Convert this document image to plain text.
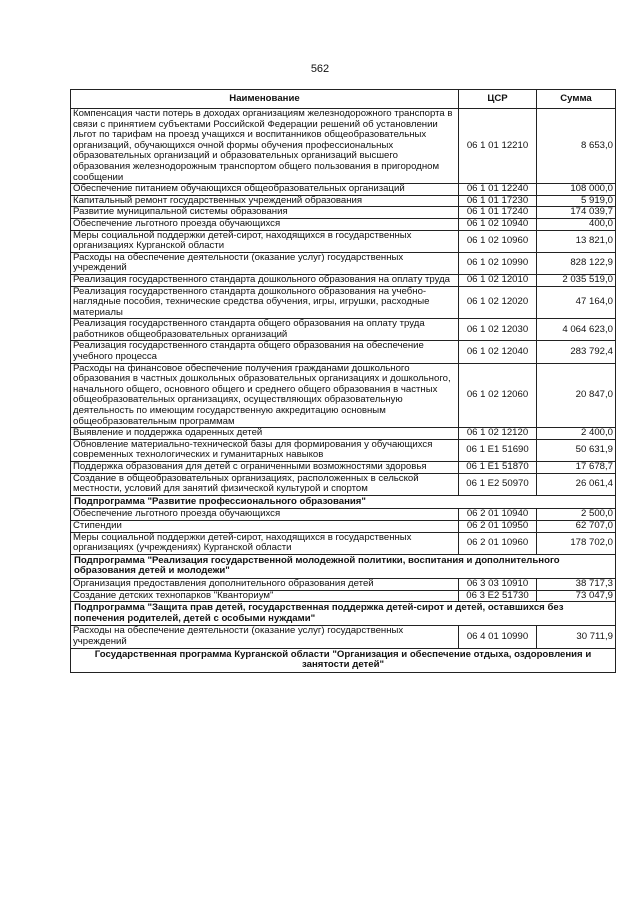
562
Наименование	ЦСР	Сумма
Компенсация части потерь в доходах организациям железнодорожного транспорта в связи с принятием субъектами Российской Федерации решений об установлении льгот по тарифам на проезд учащихся и воспитанников общеобразовательных организаций, обучающихся очной формы обучения профессиональных образовательных организаций и образовательных организаций высшего образования железнодорожным транспортом общего пользования в пригородном сообщении	06 1 01 12210	8 653,0
Обеспечение питанием обучающихся общеобразовательных организаций	06 1 01 12240	108 000,0
Капитальный ремонт государственных учреждений образования	06 1 01 17230	5 919,0
Развитие муниципальной системы образования	06 1 01 17240	174 039,7
Обеспечение льготного проезда обучающихся	06 1 02 10940	400,0
Меры социальной поддержки детей-сирот, находящихся в государственных организациях Курганской области	06 1 02 10960	13 821,0
Расходы на обеспечение деятельности (оказание услуг) государственных учреждений	06 1 02 10990	828 122,9
Реализация государственного стандарта дошкольного образования на оплату труда	06 1 02 12010	2 035 519,0
Реализация государственного стандарта дошкольного образования на учебно-наглядные пособия, технические средства обучения, игры, игрушки, расходные материалы	06 1 02 12020	47 164,0
Реализация государственного стандарта общего образования на оплату труда работников общеобразовательных организаций	06 1 02 12030	4 064 623,0
Реализация государственного стандарта общего образования на обеспечение учебного процесса	06 1 02 12040	283 792,4
Расходы на финансовое обеспечение получения гражданами дошкольного образования в частных дошкольных образовательных организациях и дошкольного, начального общего, основного общего и среднего общего образования в частных общеобразовательных организациях, осуществляющих образовательную деятельность по имеющим государственную аккредитацию основным общеобразовательным программам	06 1 02 12060	20 847,0
Выявление и поддержка одаренных детей	06 1 02 12120	2 400,0
Обновление материально-технической базы для формирования у обучающихся современных технологических и гуманитарных навыков	06 1 E1 51690	50 631,9
Поддержка образования для детей с ограниченными возможностями здоровья	06 1 E1 51870	17 678,7
Создание в общеобразовательных организациях, расположенных в сельской местности, условий для занятий физической культурой и спортом	06 1 E2 50970	26 061,4
Подпрограмма "Развитие профессионального образования"		
Обеспечение льготного проезда обучающихся	06 2 01 10940	2 500,0
Стипендии	06 2 01 10950	62 707,0
Меры социальной поддержки детей-сирот, находящихся в государственных организациях (учреждениях) Курганской области	06 2 01 10960	178 702,0
Подпрограмма "Реализация государственной молодежной политики, воспитания и дополнительного образования детей и молодежи"		
Организация предоставления дополнительного образования детей	06 3 03 10910	38 717,3
Создание детских технопарков "Кванториум"	06 3 E2 51730	73 047,9
Подпрограмма "Защита прав детей, государственная поддержка детей-сирот и детей, оставшихся без попечения родителей, детей с особыми нуждами"		
Расходы на обеспечение деятельности (оказание услуг) государственных учреждений	06 4 01 10990	30 711,9
Государственная программа Курганской области "Организация и обеспечение отдыха, оздоровления и занятости детей"		
